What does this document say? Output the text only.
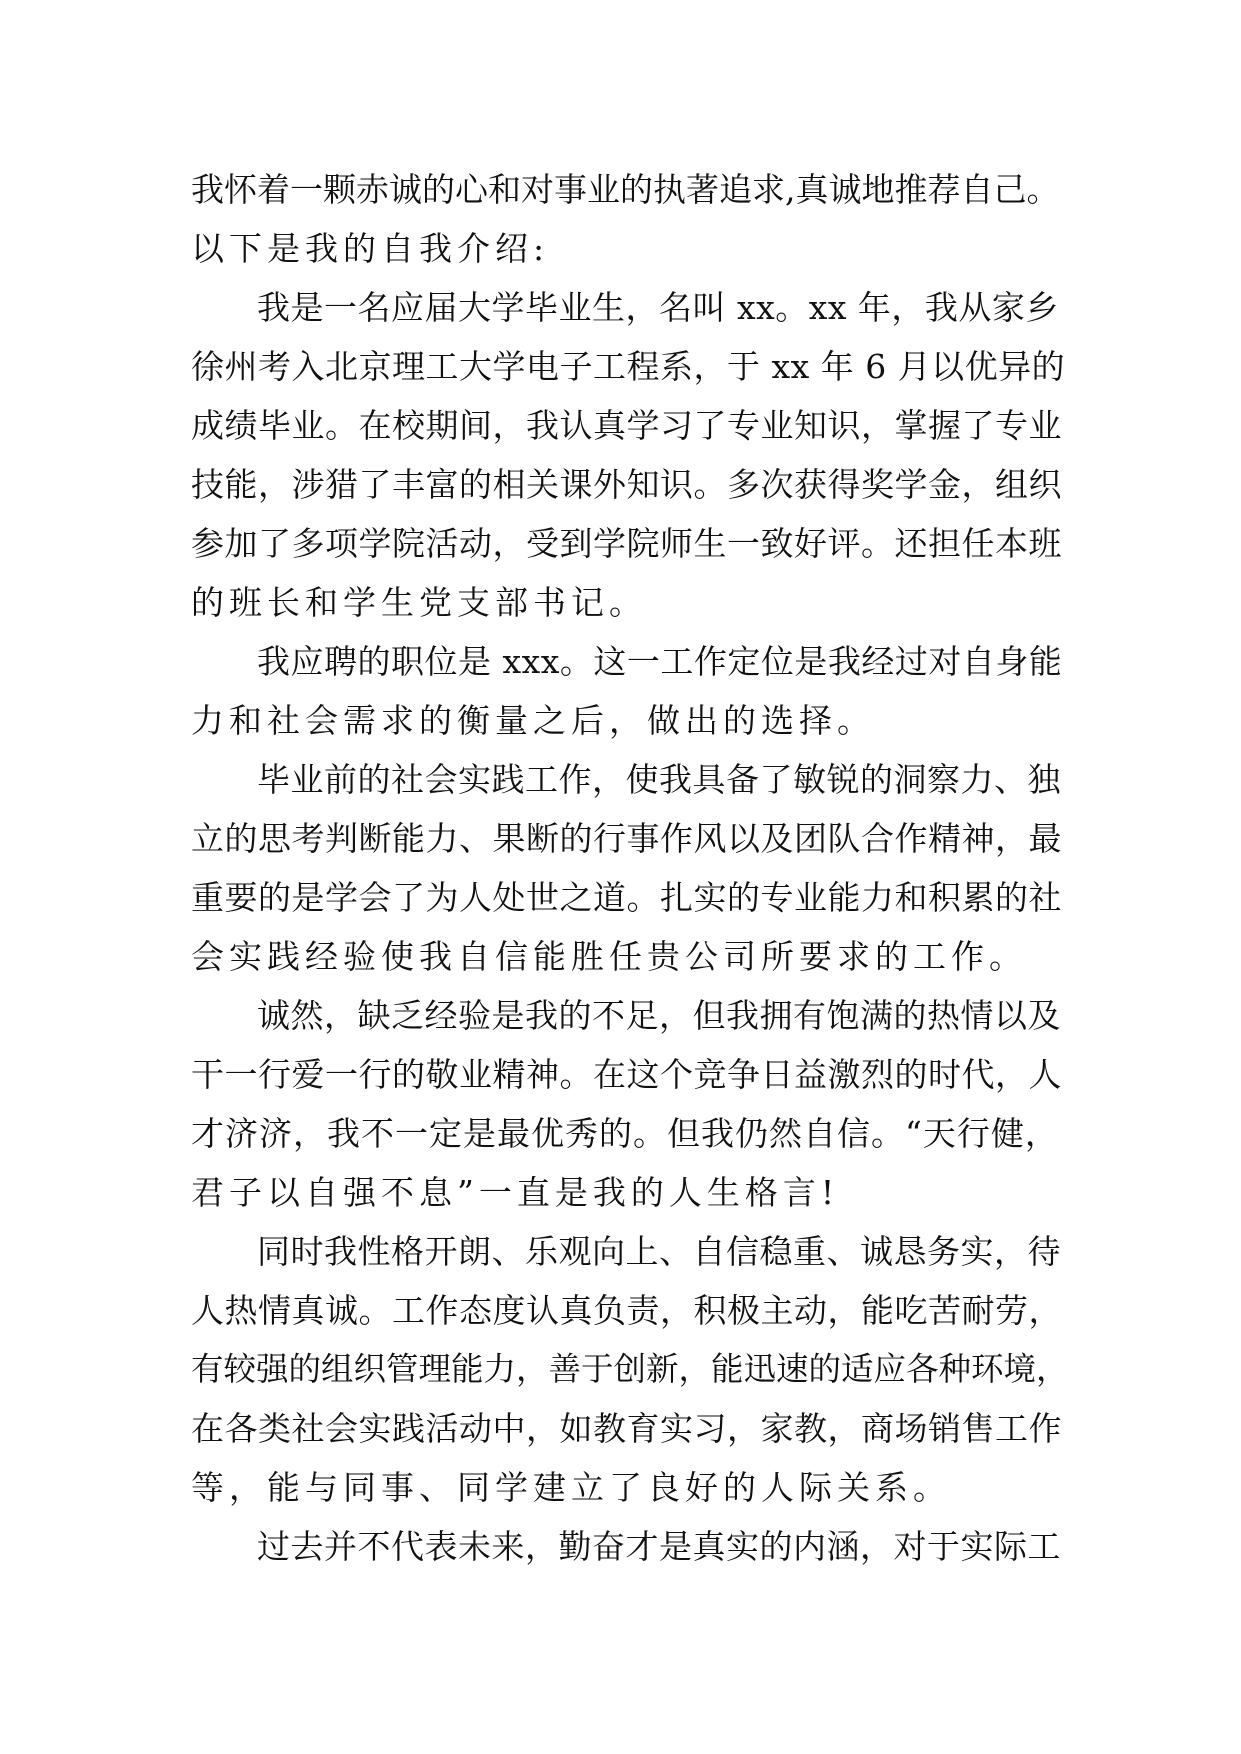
我怀着一颗赤诚的心和对事业的执著追求,真诚地推荐自己。
以下是我的自我介绍:
我是一名应届大学毕业生，名叫 xx。xx 年，我从家乡
徐州考入北京理工大学电子工程系，于 xx 年 6 月以优异的
成绩毕业。在校期间，我认真学习了专业知识，掌握了专业
技能，涉猎了丰富的相关课外知识。多次获得奖学金，组织
参加了多项学院活动，受到学院师生一致好评。还担任本班
的班长和学生党支部书记。
我应聘的职位是 xxx。这一工作定位是我经过对自身能
力和社会需求的衡量之后，做出的选择。
毕业前的社会实践工作，使我具备了敏锐的洞察力、独
立的思考判断能力、果断的行事作风以及团队合作精神，最
重要的是学会了为人处世之道。扎实的专业能力和积累的社
会实践经验使我自信能胜任贵公司所要求的工作。
诚然，缺乏经验是我的不足，但我拥有饱满的热情以及
干一行爱一行的敬业精神。在这个竞争日益激烈的时代，人
才济济，我不一定是最优秀的。但我仍然自信。“天行健，
君子以自强不息”一直是我的人生格言!
同时我性格开朗、乐观向上、自信稳重、诚恳务实，待
人热情真诚。工作态度认真负责，积极主动，能吃苦耐劳，
有较强的组织管理能力，善于创新，能迅速的适应各种环境，
在各类社会实践活动中，如教育实习，家教，商场销售工作
等，能与同事、同学建立了良好的人际关系。
过去并不代表未来，勤奋才是真实的内涵，对于实际工
